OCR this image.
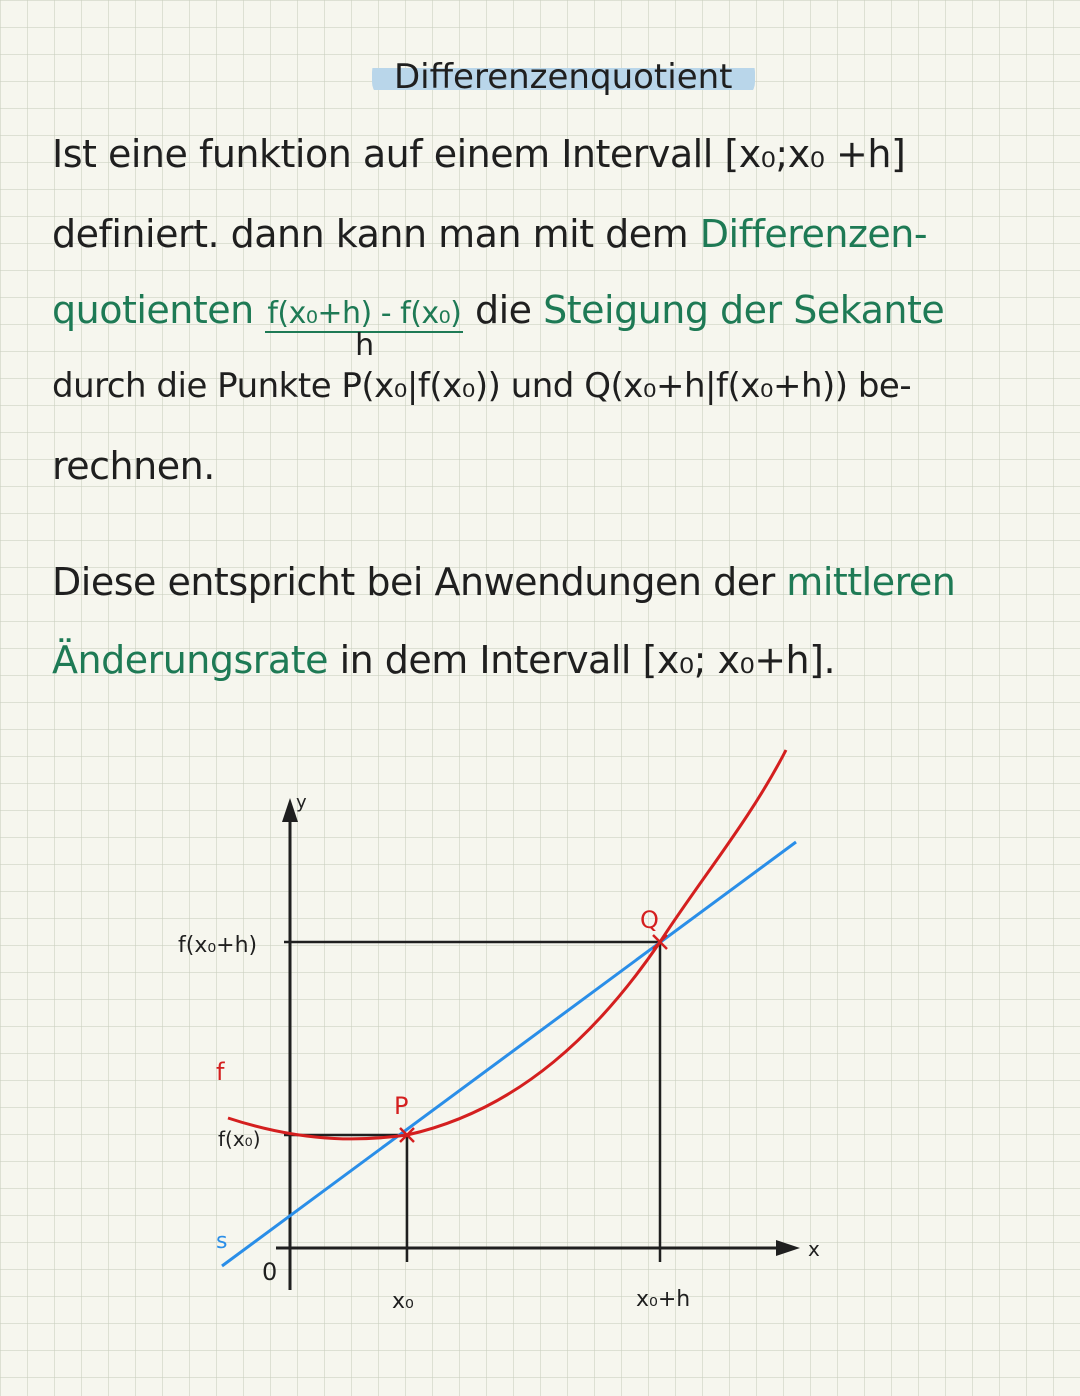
Differenzenquotient
Ist eine funktion auf einem Intervall [x₀;x₀ +h]
definiert. dann kann man mit dem Differenzen-
quotienten $\frac{\text{f(x₀+h) - f(x₀)}}{h}$ die Steigung der Sekante
durch die Punkte P(x₀|f(x₀)) und Q(x₀+h|f(x₀+h)) be-
rechnen.
Diese entspricht bei Anwendungen der mittleren
Änderungsrate in dem Intervall [x₀; x₀+h].
y
x
0
f(x₀+h)
f(x₀)
x₀	x₀+h
P
Q
f
s
